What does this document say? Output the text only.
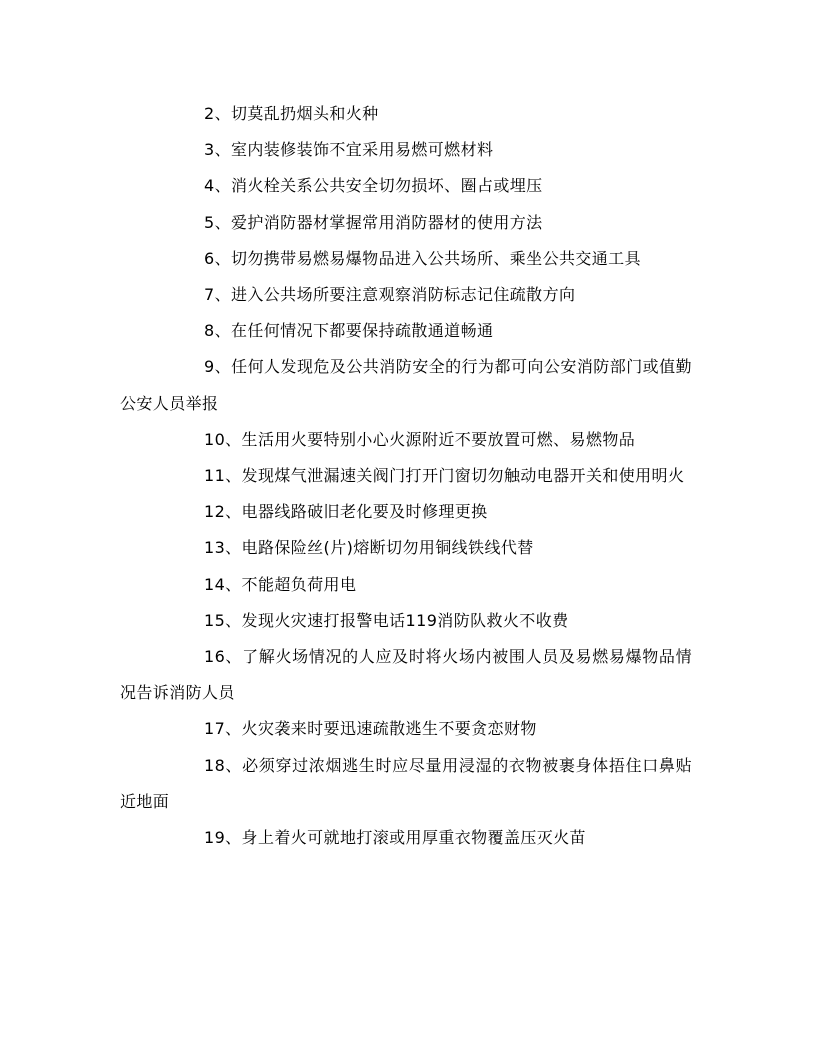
2、切莫乱扔烟头和火种

3、室内装修装饰不宜采用易燃可燃材料

4、消火栓关系公共安全切勿损坏、圈占或埋压

5、爱护消防器材掌握常用消防器材的使用方法

6、切勿携带易燃易爆物品进入公共场所、乘坐公共交通工具

7、进入公共场所要注意观察消防标志记住疏散方向

8、在任何情况下都要保持疏散通道畅通

9、任何人发现危及公共消防安全的行为都可向公安消防部门或值勤公安人员举报

10、生活用火要特别小心火源附近不要放置可燃、易燃物品

11、发现煤气泄漏速关阀门打开门窗切勿触动电器开关和使用明火

12、电器线路破旧老化要及时修理更换

13、电路保险丝(片)熔断切勿用铜线铁线代替

14、不能超负荷用电

15、发现火灾速打报警电话119消防队救火不收费

16、了解火场情况的人应及时将火场内被围人员及易燃易爆物品情况告诉消防人员

17、火灾袭来时要迅速疏散逃生不要贪恋财物

18、必须穿过浓烟逃生时应尽量用浸湿的衣物被裹身体捂住口鼻贴近地面

19、身上着火可就地打滚或用厚重衣物覆盖压灭火苗
